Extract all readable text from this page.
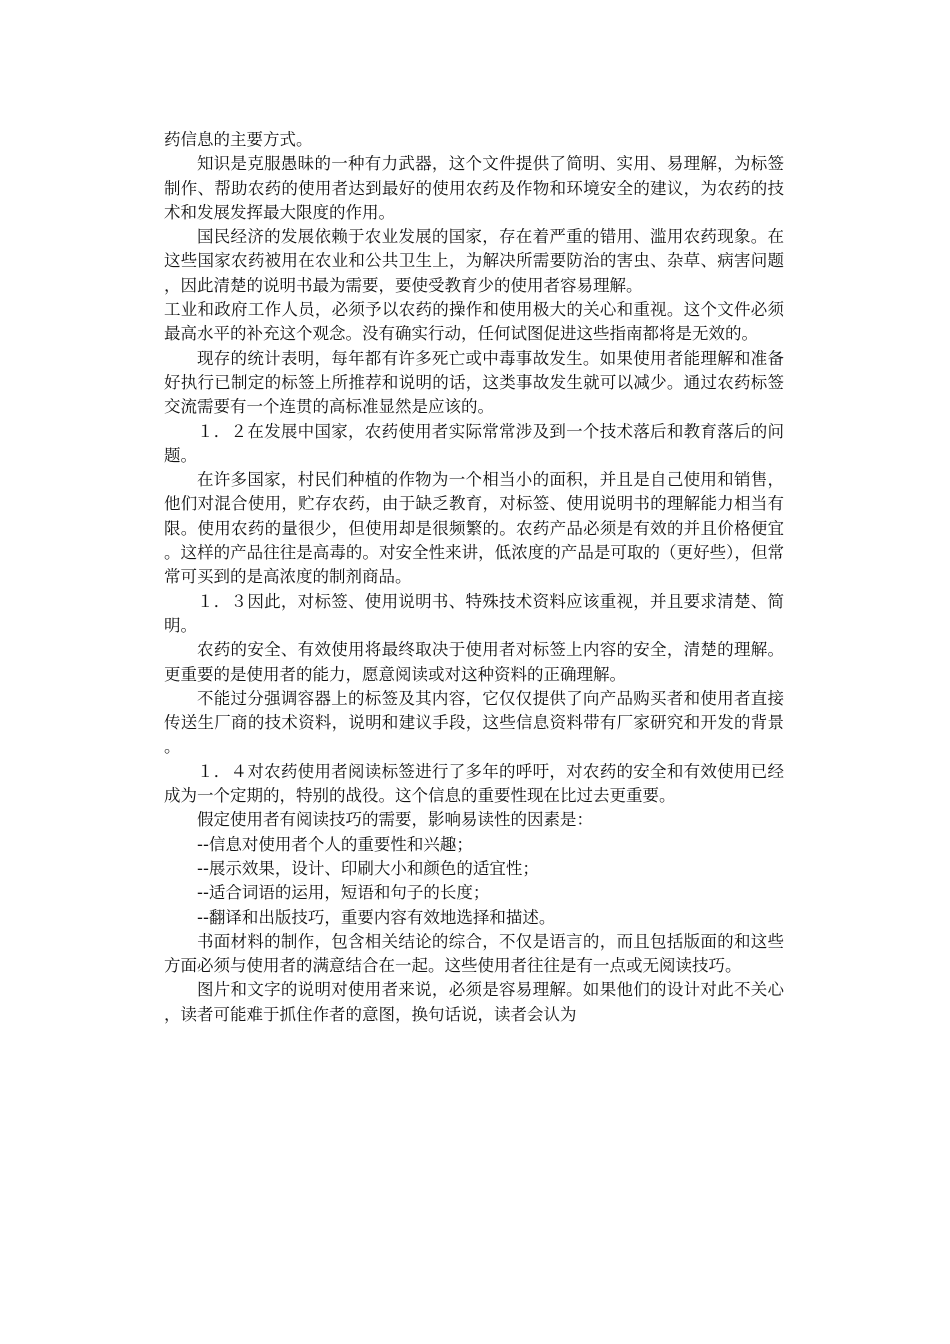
药信息的主要方式。

知识是克服愚昧的一种有力武器，这个文件提供了简明、实用、易理解，为标签制作、帮助农药的使用者达到最好的使用农药及作物和环境安全的建议，为农药的技术和发展发挥最大限度的作用。

国民经济的发展依赖于农业发展的国家，存在着严重的错用、滥用农药现象。在这些国家农药被用在农业和公共卫生上，为解决所需要防治的害虫、杂草、病害问题，因此清楚的说明书最为需要，要使受教育少的使用者容易理解。

工业和政府工作人员，必须予以农药的操作和使用极大的关心和重视。这个文件必须最高水平的补充这个观念。没有确实行动，任何试图促进这些指南都将是无效的。

现存的统计表明，每年都有许多死亡或中毒事故发生。如果使用者能理解和准备好执行已制定的标签上所推荐和说明的话，这类事故发生就可以减少。通过农药标签交流需要有一个连贯的高标准显然是应该的。

１．２在发展中国家，农药使用者实际常常涉及到一个技术落后和教育落后的问题。

在许多国家，村民们种植的作物为一个相当小的面积，并且是自己使用和销售，他们对混合使用，贮存农药，由于缺乏教育，对标签、使用说明书的理解能力相当有限。使用农药的量很少，但使用却是很频繁的。农药产品必须是有效的并且价格便宜。这样的产品往往是高毒的。对安全性来讲，低浓度的产品是可取的（更好些），但常常可买到的是高浓度的制剂商品。

１．３因此，对标签、使用说明书、特殊技术资料应该重视，并且要求清楚、简明。

农药的安全、有效使用将最终取决于使用者对标签上内容的安全，清楚的理解。更重要的是使用者的能力，愿意阅读或对这种资料的正确理解。

不能过分强调容器上的标签及其内容，它仅仅提供了向产品购买者和使用者直接传送生厂商的技术资料，说明和建议手段，这些信息资料带有厂家研究和开发的背景。

１．４对农药使用者阅读标签进行了多年的呼吁，对农药的安全和有效使用已经成为一个定期的，特别的战役。这个信息的重要性现在比过去更重要。

假定使用者有阅读技巧的需要，影响易读性的因素是：

--信息对使用者个人的重要性和兴趣；

--展示效果，设计、印刷大小和颜色的适宜性；

--适合词语的运用，短语和句子的长度；

--翻译和出版技巧，重要内容有效地选择和描述。

书面材料的制作，包含相关结论的综合，不仅是语言的，而且包括版面的和这些方面必须与使用者的满意结合在一起。这些使用者往往是有一点或无阅读技巧。

图片和文字的说明对使用者来说，必须是容易理解。如果他们的设计对此不关心，读者可能难于抓住作者的意图，换句话说，读者会认为
